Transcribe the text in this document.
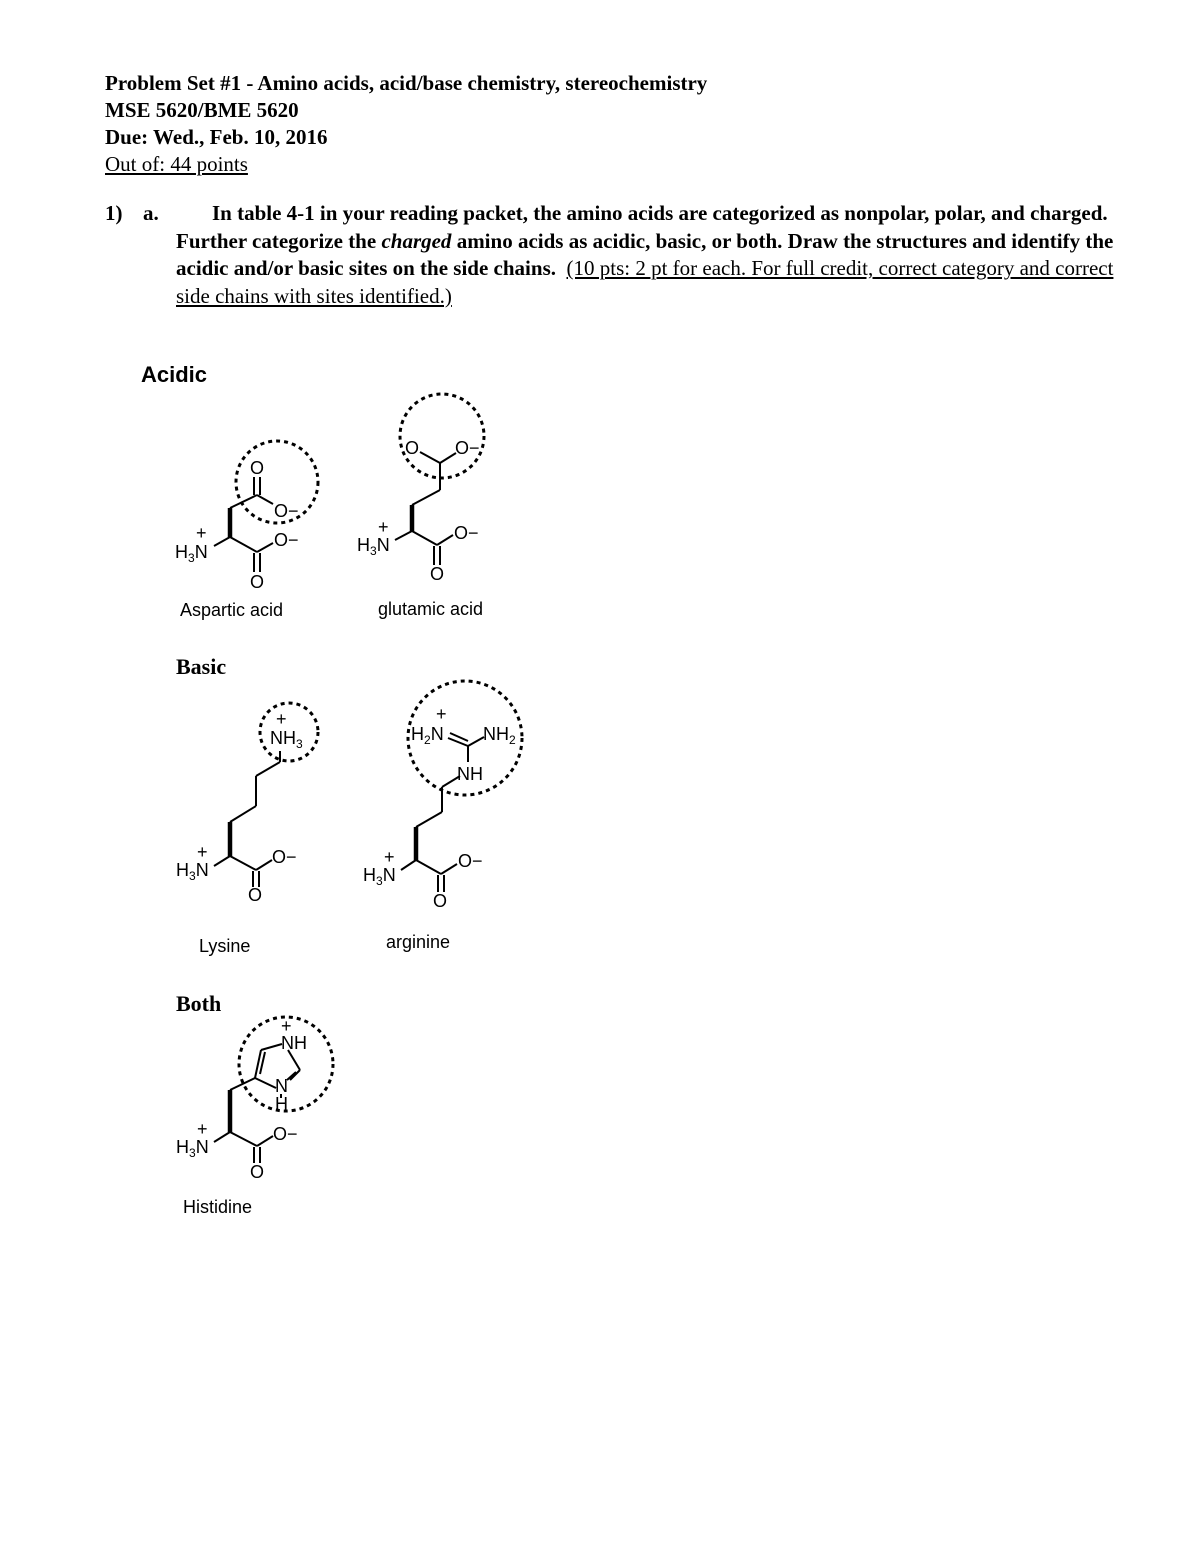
Problem Set #1 - Amino acids, acid/base chemistry, stereochemistry
MSE 5620/BME 5620
Due: Wed., Feb. 10, 2016
Out of: 44 points
1) a.	In table 4-1 in your reading packet, the amino acids are categorized as nonpolar, polar, and charged. Further categorize the charged amino acids as acidic, basic, or both. Draw the structures and identify the acidic and/or basic sites on the side chains. (10 pts: 2 pt for each. For full credit, correct category and correct side chains with sites identified.)
Acidic
Basic
Both
Aspartic acid	glutamic acid
Lysine	arginine
Histidine
+
$H_3N$
O
O−
O
O−
+
$H_3N$
O
O−
O O−
+
$H_3N$
O
O−
+
$NH_3$
+
$H_3N$
O
O−
NH
+
$H_2N$ $NH_2$
+
$H_3N$
O
O−
+
NH
N
H
